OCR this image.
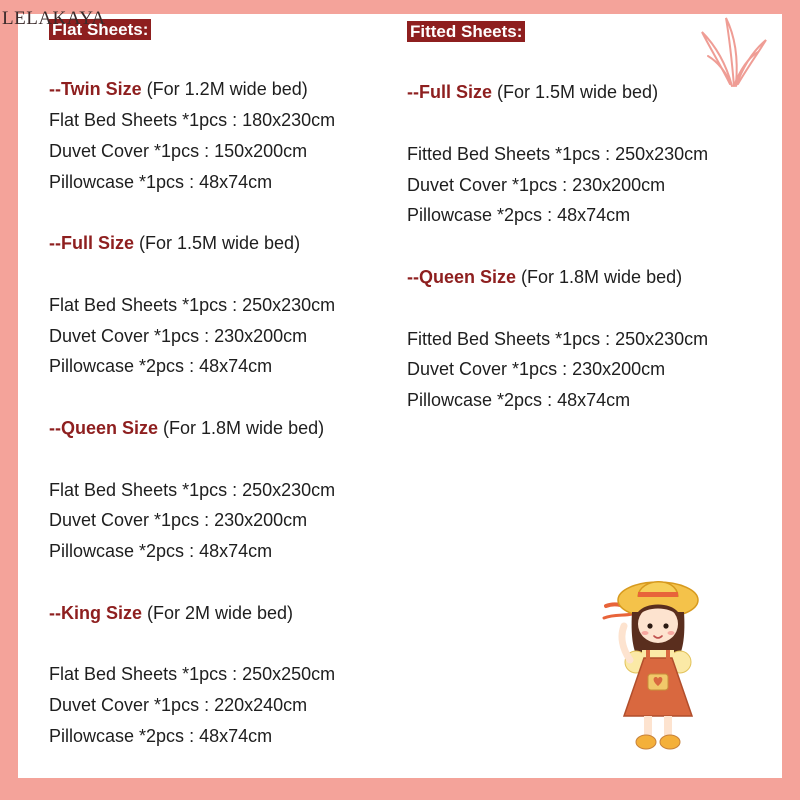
LELAKAYA
Flat Sheets:
--Twin Size (For 1.2M wide bed)
Flat Bed Sheets *1pcs : 180x230cm
Duvet Cover *1pcs : 150x200cm
Pillowcase *1pcs : 48x74cm
--Full Size (For 1.5M wide bed)
Flat Bed Sheets *1pcs : 250x230cm
Duvet Cover *1pcs : 230x200cm
Pillowcase *2pcs : 48x74cm
--Queen Size (For 1.8M wide bed)
Flat Bed Sheets *1pcs : 250x230cm
Duvet Cover *1pcs : 230x200cm
Pillowcase *2pcs : 48x74cm
--King Size (For 2M wide bed)
Flat Bed Sheets *1pcs : 250x250cm
Duvet Cover *1pcs : 220x240cm
Pillowcase *2pcs : 48x74cm
Fitted Sheets:
--Full Size (For 1.5M wide bed)
Fitted Bed Sheets *1pcs : 250x230cm
Duvet Cover *1pcs : 230x200cm
Pillowcase *2pcs : 48x74cm
--Queen Size (For 1.8M wide bed)
Fitted Bed Sheets *1pcs : 250x230cm
Duvet Cover *1pcs : 230x200cm
Pillowcase *2pcs : 48x74cm
